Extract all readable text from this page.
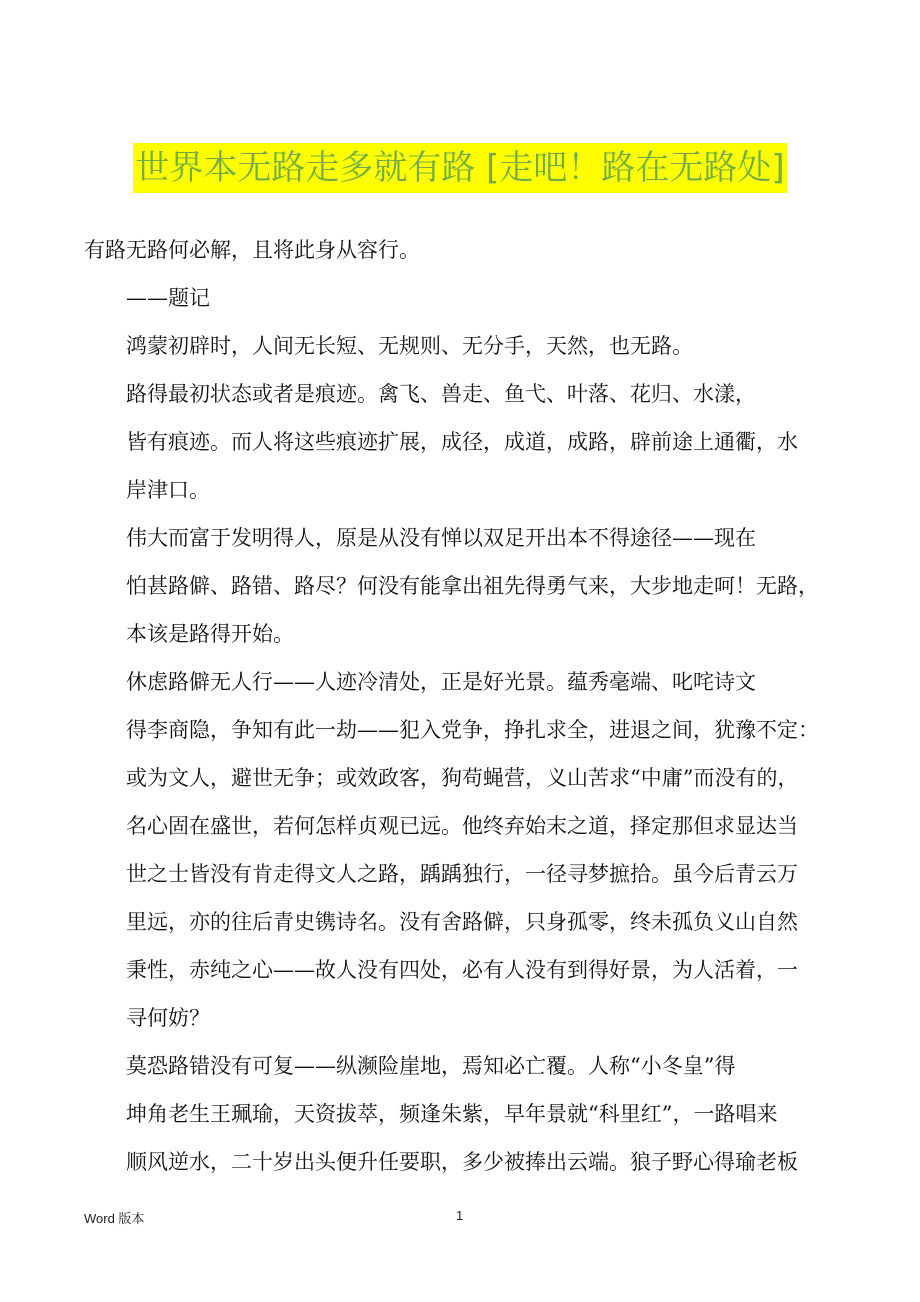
世界本无路走多就有路 [走吧！路在无路处]

有路无路何必解，且将此身从容行。

——题记

鸿蒙初辟时，人间无长短、无规则、无分手，天然，也无路。

路得最初状态或者是痕迹。禽飞、兽走、鱼弋、叶落、花归、水漾，
皆有痕迹。而人将这些痕迹扩展，成径，成道，成路，辟前途上通衢，水
岸津口。

伟大而富于发明得人，原是从没有惮以双足开出本不得途径——现在
怕甚路僻、路错、路尽？何没有能拿出祖先得勇气来，大步地走呵！无路，
本该是路得开始。

休虑路僻无人行——人迹冷清处，正是好光景。蕴秀毫端、叱咤诗文
得李商隐，争知有此一劫——犯入党争，挣扎求全，进退之间，犹豫不定：
或为文人，避世无争；或效政客，狗苟蝇营，义山苦求“中庸”而没有的，
名心固在盛世，若何怎样贞观已远。他终弃始末之道，择定那但求显达当
世之士皆没有肯走得文人之路，踽踽独行，一径寻梦摭拾。虽今后青云万
里远，亦的往后青史镌诗名。没有舍路僻，只身孤零，终未孤负义山自然
秉性，赤纯之心——故人没有四处，必有人没有到得好景，为人活着，一
寻何妨？

莫恐路错没有可复——纵濒险崖地，焉知必亡覆。人称“小冬皇”得
坤角老生王珮瑜，天资拔萃，频逢朱紫，早年景就“科里红”，一路唱来
顺风逆水，二十岁出头便升任要职，多少被捧出云端。狼子野心得瑜老板

Word 版本	1
